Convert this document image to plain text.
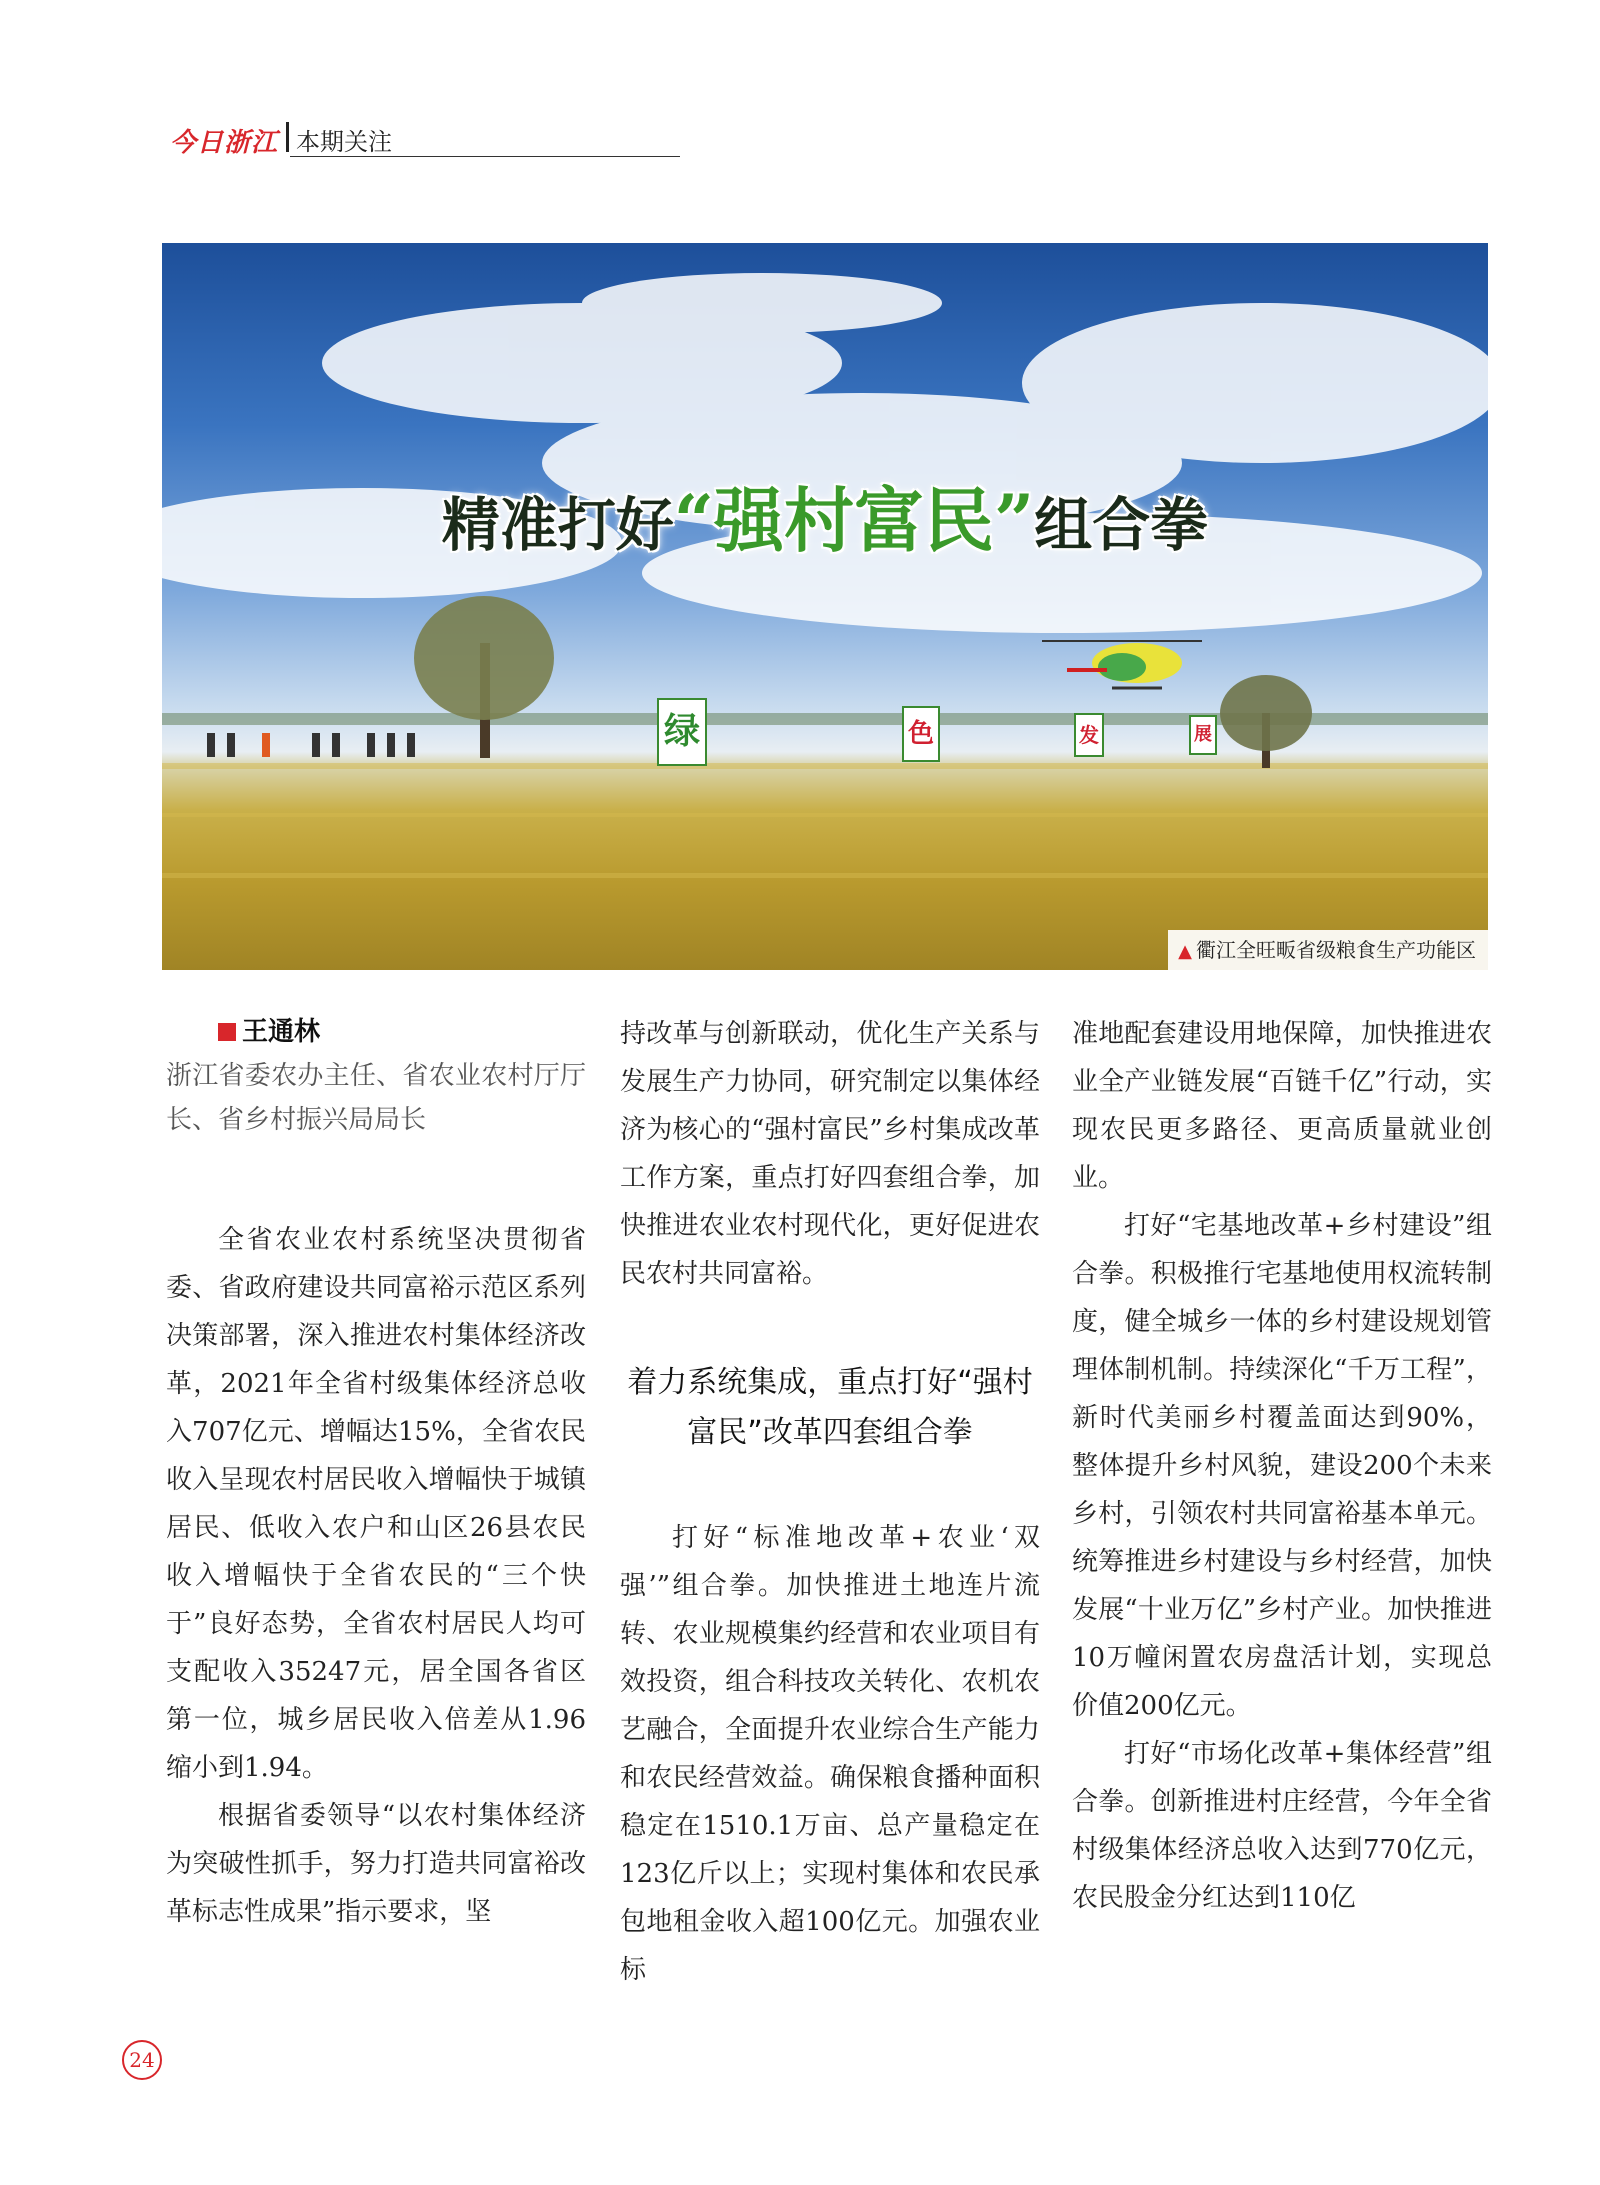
今日浙江 本期关注
精准打好“强村富民”组合拳
绿	色	发	展
▲ 衢江全旺畈省级粮食生产功能区

王通林

浙江省委农办主任、省农业农村厅厅长、省乡村振兴局局长

全省农业农村系统坚决贯彻省委、省政府建设共同富裕示范区系列决策部署，深入推进农村集体经济改革，2021年全省村级集体经济总收入707亿元、增幅达15%，全省农民收入呈现农村居民收入增幅快于城镇居民、低收入农户和山区26县农民收入增幅快于全省农民的“三个快于”良好态势，全省农村居民人均可支配收入35247元，居全国各省区第一位，城乡居民收入倍差从1.96缩小到1.94。

根据省委领导“以农村集体经济为突破性抓手，努力打造共同富裕改革标志性成果”指示要求，坚

持改革与创新联动，优化生产关系与发展生产力协同，研究制定以集体经济为核心的“强村富民”乡村集成改革工作方案，重点打好四套组合拳，加快推进农业农村现代化，更好促进农民农村共同富裕。

着力系统集成，重点打好“强村富民”改革四套组合拳

打好“标准地改革+农业‘双强’”组合拳。加快推进土地连片流转、农业规模集约经营和农业项目有效投资，组合科技攻关转化、农机农艺融合，全面提升农业综合生产能力和农民经营效益。确保粮食播种面积稳定在1510.1万亩、总产量稳定在123亿斤以上；实现村集体和农民承包地租金收入超100亿元。加强农业标

准地配套建设用地保障，加快推进农业全产业链发展“百链千亿”行动，实现农民更多路径、更高质量就业创业。

打好“宅基地改革+乡村建设”组合拳。积极推行宅基地使用权流转制度，健全城乡一体的乡村建设规划管理体制机制。持续深化“千万工程”，新时代美丽乡村覆盖面达到90%，整体提升乡村风貌，建设200个未来乡村，引领农村共同富裕基本单元。统筹推进乡村建设与乡村经营，加快发展“十业万亿”乡村产业。加快推进10万幢闲置农房盘活计划，实现总价值200亿元。

打好“市场化改革+集体经营”组合拳。创新推进村庄经营，今年全省村级集体经济总收入达到770亿元，农民股金分红达到110亿

24
